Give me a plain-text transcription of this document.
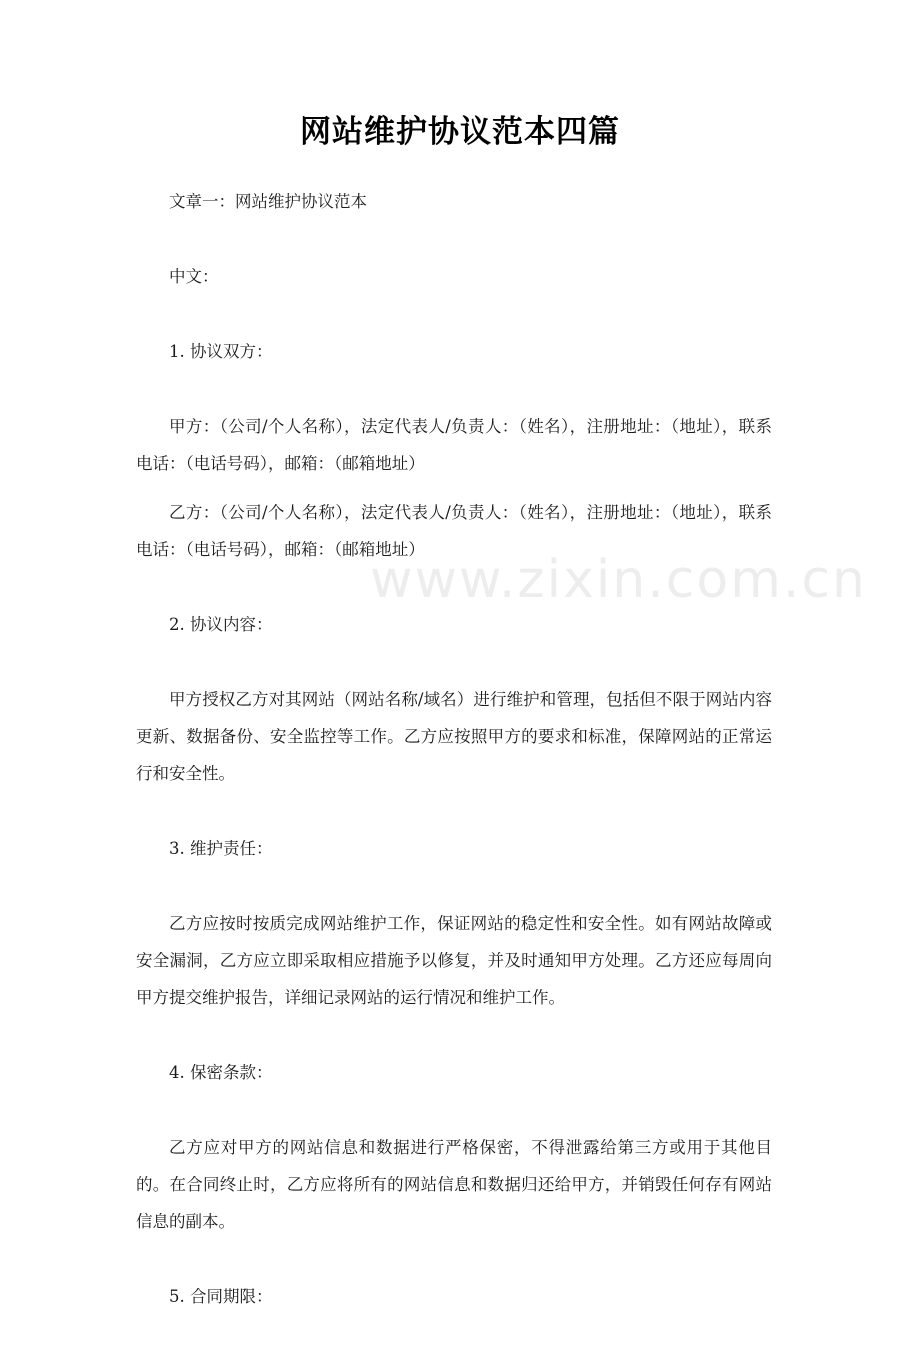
网站维护协议范本四篇
www.zixin.com.cn

文章一：网站维护协议范本

中文：

1. 协议双方：

甲方：（公司/个人名称），法定代表人/负责人：（姓名），注册地址：（地址），联系电话：（电话号码），邮箱：（邮箱地址）

乙方：（公司/个人名称），法定代表人/负责人：（姓名），注册地址：（地址），联系电话：（电话号码），邮箱：（邮箱地址）

2. 协议内容：

甲方授权乙方对其网站（网站名称/域名）进行维护和管理，包括但不限于网站内容更新、数据备份、安全监控等工作。乙方应按照甲方的要求和标准，保障网站的正常运行和安全性。

3. 维护责任：

乙方应按时按质完成网站维护工作，保证网站的稳定性和安全性。如有网站故障或安全漏洞，乙方应立即采取相应措施予以修复，并及时通知甲方处理。乙方还应每周向甲方提交维护报告，详细记录网站的运行情况和维护工作。

4. 保密条款：

乙方应对甲方的网站信息和数据进行严格保密，不得泄露给第三方或用于其他目的。在合同终止时，乙方应将所有的网站信息和数据归还给甲方，并销毁任何存有网站信息的副本。

5. 合同期限：
